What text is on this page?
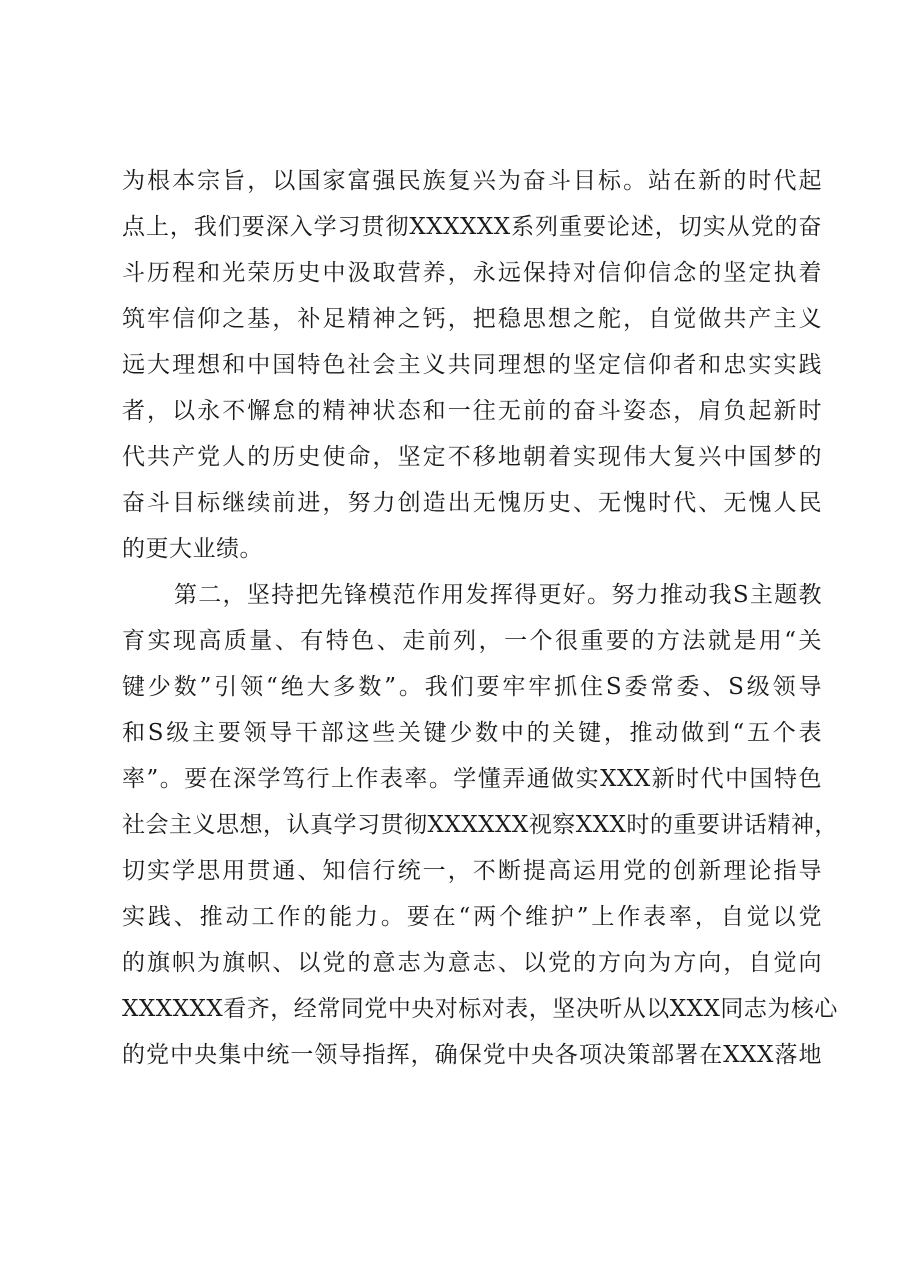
为根本宗旨，以国家富强民族复兴为奋斗目标。站在新的时代起
点上，我们要深入学习贯彻XXXXXX系列重要论述，切实从党的奋
斗历程和光荣历史中汲取营养，永远保持对信仰信念的坚定执着
筑牢信仰之基，补足精神之钙，把稳思想之舵，自觉做共产主义
远大理想和中国特色社会主义共同理想的坚定信仰者和忠实实践
者，以永不懈怠的精神状态和一往无前的奋斗姿态，肩负起新时
代共产党人的历史使命，坚定不移地朝着实现伟大复兴中国梦的
奋斗目标继续前进，努力创造出无愧历史、无愧时代、无愧人民
的更大业绩。
第二，坚持把先锋模范作用发挥得更好。努力推动我S主题教
育实现高质量、有特色、走前列，一个很重要的方法就是用“关
键少数”引领“绝大多数”。我们要牢牢抓住S委常委、S级领导
和S级主要领导干部这些关键少数中的关键，推动做到“五个表
率”。要在深学笃行上作表率。学懂弄通做实XXX新时代中国特色
社会主义思想，认真学习贯彻XXXXXX视察XXX时的重要讲话精神，
切实学思用贯通、知信行统一，不断提高运用党的创新理论指导
实践、推动工作的能力。要在“两个维护”上作表率，自觉以党
的旗帜为旗帜、以党的意志为意志、以党的方向为方向，自觉向
XXXXXX看齐，经常同党中央对标对表，坚决听从以XXX同志为核心
的党中央集中统一领导指挥，确保党中央各项决策部署在XXX落地
